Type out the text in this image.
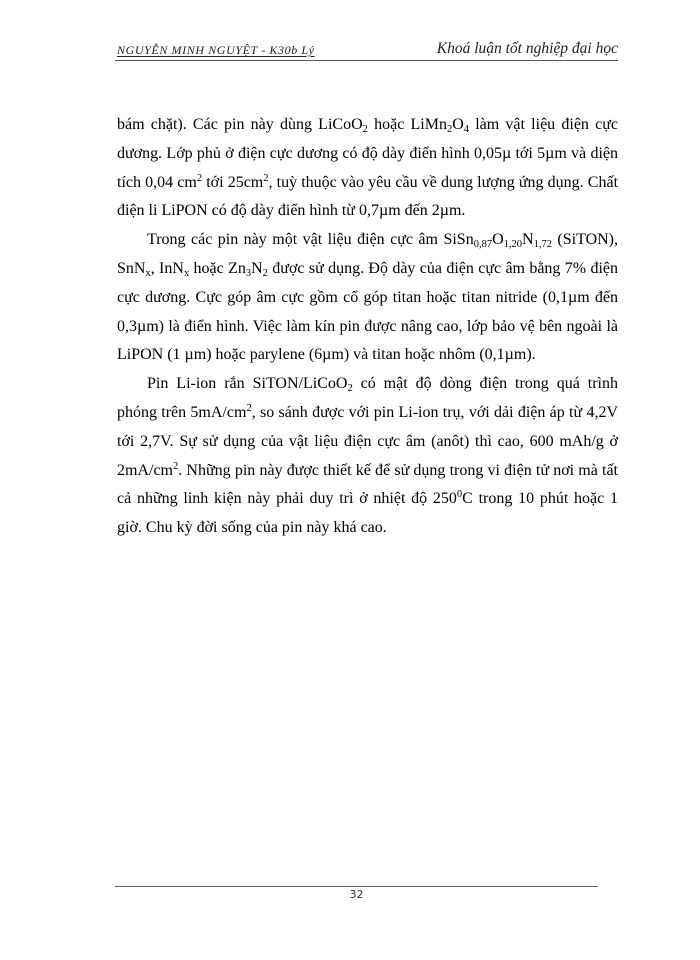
NGUYỄN MINH NGUYỆT - K30b Lý	Khoá luận tốt nghiệp đại học

bám chặt). Các pin này dùng LiCoO$_2$ hoặc $LiMn_2O_4$ làm vật liệu điện cực dương. Lớp phủ ở điện cực dương có độ dày điển hình 0,05µ tới 5µm và diện tích 0,04 $cm^2$ tới $25cm^2$, tuỳ thuộc vào yêu cầu về dung lượng ứng dụng. Chất điện li LiPON có độ dày điển hình từ 0,7µm đến 2µm.

Trong các pin này một vật liệu điện cực âm $SiSn_{0,87}O_{1,20}N_{1,72}$ (SiTON), SnN$_x$, InN$_x$ hoặc $Zn_3N_2$ được sử dụng. Độ dày của điện cực âm bằng 7% điện cực dương. Cực góp âm cực gồm cổ góp titan hoặc titan nitride (0,1µm đến 0,3µm) là điển hình. Việc làm kín pin được nâng cao, lớp bảo vệ bên ngoài là LiPON (1 µm) hoặc parylene (6µm) và titan hoặc nhôm (0,1µm).

Pin Li-ion rắn SiTON/LiCoO$_2$ có mật độ dòng điện trong quá trình phóng trên $5mA/cm^2$, so sánh được với pin Li-ion trụ, với dải điện áp từ 4,2V tới 2,7V. Sự sử dụng của vật liệu điện cực âm (anôt) thì cao, 600 mAh/g ở $2mA/cm^2$. Những pin này được thiết kế để sử dụng trong vi điện tử nơi mà tất cả những linh kiện này phải duy trì ở nhiệt độ $250^0C$ trong 10 phút hoặc 1 giờ. Chu kỳ đời sống của pin này khá cao.

32
